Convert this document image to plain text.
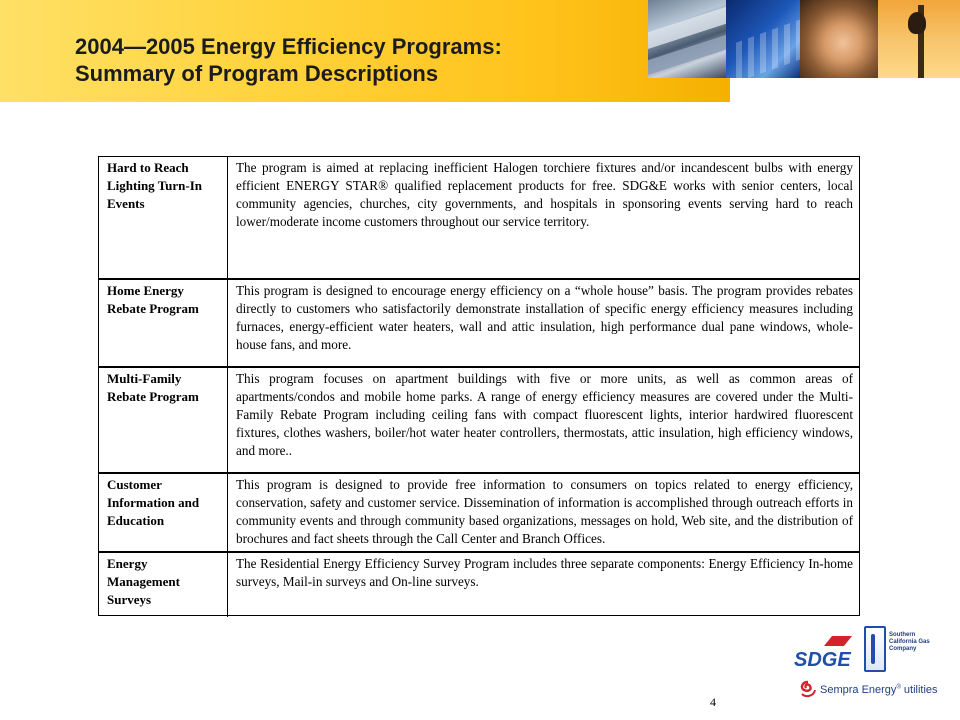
2004—2005 Energy Efficiency Programs:
Summary of Program Descriptions
Hard to Reach Lighting Turn-In Events	The program is aimed at replacing inefficient Halogen torchiere fixtures and/or incandescent bulbs with energy efficient ENERGY STAR® qualified replacement products for free. SDG&E works with senior centers, local community agencies, churches, city governments, and hospitals in sponsoring events serving hard to reach lower/moderate income customers throughout our service territory.
Home Energy Rebate Program	This program is designed to encourage energy efficiency on a “whole house” basis. The program provides rebates directly to customers who satisfactorily demonstrate installation of specific energy efficiency measures including furnaces, energy-efficient water heaters, wall and attic insulation, high performance dual pane windows, whole-house fans, and more.
Multi-Family Rebate Program	This program focuses on apartment buildings with five or more units, as well as common areas of apartments/condos and mobile home parks. A range of energy efficiency measures are covered under the Multi-Family Rebate Program including ceiling fans with compact fluorescent lights, interior hardwired fluorescent fixtures, clothes washers, boiler/hot water heater controllers, thermostats, attic insulation, high efficiency windows, and more..
Customer Information and Education	This program is designed to provide free information to consumers on topics related to energy efficiency, conservation, safety and customer service. Dissemination of information is accomplished through outreach efforts in community events and through community based organizations, messages on hold, Web site, and the distribution of brochures and fact sheets through the Call Center and Branch Offices.
Energy Management Surveys	The Residential Energy Efficiency Survey Program includes three separate components: Energy Efficiency In-home surveys, Mail-in surveys and On-line surveys.
4
SDGE
Southern California Gas Company
Sempra Energy® utilities
